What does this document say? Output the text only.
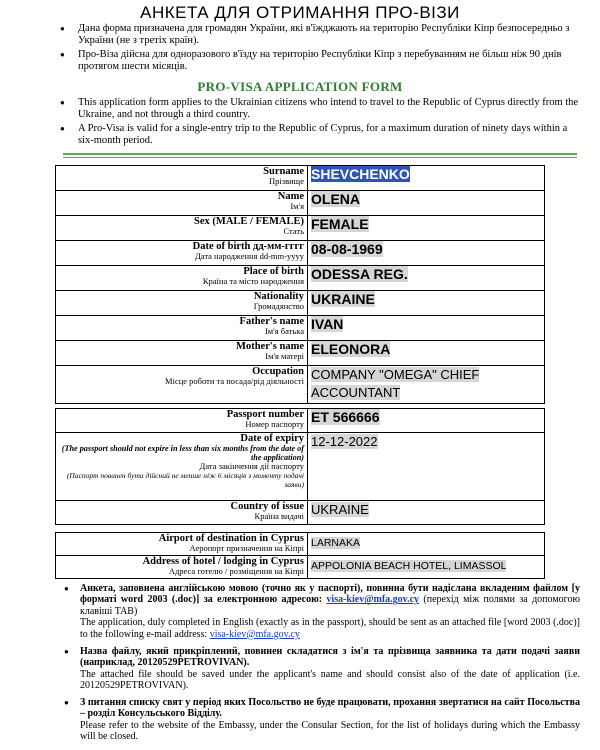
АНКЕТА ДЛЯ ОТРИМАННЯ ПРО-ВІЗИ
● Дана форма призначена для громадян України, які в'їжджають на територію Республіки Кіпр безпосередньо з України (не з третіх країн).
● Про-Віза дійсна для одноразового в'їзду на територію Республіки Кіпр з перебуванням не більш ніж 90 днів протягом шести місяців.
PRO-VISA APPLICATION FORM
● This application form applies to the Ukrainian citizens who intend to travel to the Republic of Cyprus directly from the Ukraine, and not through a third country.
● A Pro-Visa is valid for a single-entry trip to the Republic of Cyprus, for a maximum duration of ninety days within a six-month period.
Surname
Прізвище	SHEVCHENKO

Name
Ім'я	OLENA

Sex (MALE / FEMALE)
Стать	FEMALE

Date of birth дд-мм-гггг
Дата народження dd-mm-yyyy	08-08-1969

Place of birth
Країна та місто народження	ODESSA REG.

Nationality
Громадянство	UKRAINE

Father's name
Ім'я батька	IVAN

Mother's name
Ім'я матері	ELEONORA

Occupation
Місце роботи та посада/рід діяльності	COMPANY "OMEGA" CHIEF ACCOUNTANT
Passport number
Номер паспорту	ET 566666

Date of expiry
(The passport should not expire in less than six months from the date of the application)
Дата закінчення дії паспорту
(Паспорт повинен бути дійсний не менше ніж 6 місяців з моменту подачі заяви)	12-12-2022

Country of issue
Країна видачі	UKRAINE
Airport of destination in Cyprus
Аеропорт призначення на Кіпрі	LARNAKA

Address of hotel / lodging in Cyprus
Адреса готелю / розміщення на Кіпрі	APPOLONIA BEACH HOTEL, LIMASSOL
● Анкета, заповнена англійською мовою (точно як у паспорті), повинна бути надіслана вкладеним файлом [у форматі word 2003 (.doc)] за електронною адресою: visa-kiev@mfa.gov.cy (перехід між полями за допомогою клавіші TAB)
The application, duly completed in English (exactly as in the passport), should be sent as an attached file [word 2003 (.doc)] to the following e-mail address: visa-kiev@mfa.gov.cy
● Назва файлу, який прикріплений, повинен складатися з ім'я та прізвища заявника та дати подачі заяви (наприклад, 20120529PETROVIVAN).
The attached file should be saved under the applicant's name and should consist also of the date of application (i.e. 20120529PETROVIVAN).
● З питання списку свят у період яких Посольство не буде працювати, прохання звертатися на сайт Посольства – розділ Консульського Відділу.
Please refer to the website of the Embassy, under the Consular Section, for the list of holidays during which the Embassy will be closed.
